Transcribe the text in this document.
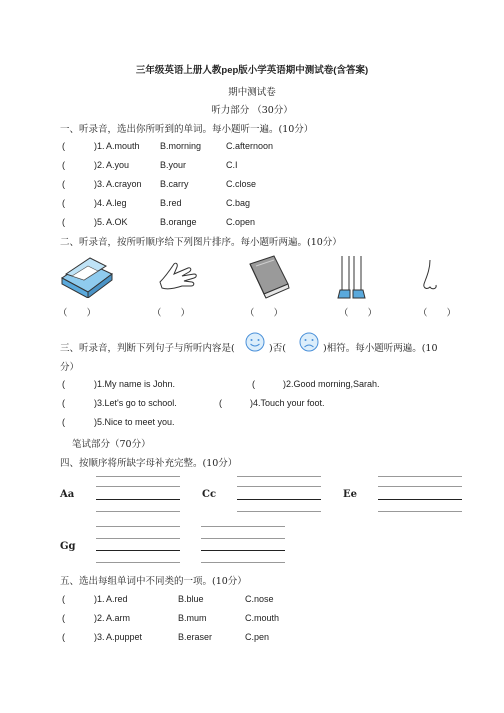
三年级英语上册人教pep版小学英语期中测试卷(含答案)
期中测试卷
听力部分 （30分）
一、听录音，选出你所听到的单词。每小题听一遍。(10分）
(	)1. A.mouth B.morning	C.afternoon
(	)2. A.you	B.your	C.I
(	)3. A.crayon B.carry	C.close
(	)4. A.leg	B.red	C.bag
(	)5. A.OK	B.orange	C.open
二、听录音，按所听顺序给下列图片排序。每小题听两遍。(10分）
（　　）	（　　）	（　　）	（　　）	（　　）
三、听录音，判断下列句子与所听内容是(	)否(	)相符。每小题听两遍。(10
分）
(	)1.My name is John.	(	)2.Good morning,Sarah.
(	)3.Let's go to school.	(	)4.Touch your foot.
(	)5.Nice to meet you.
笔试部分（70分）
四、按顺序将所缺字母补充完整。(10分）
Aa	Cc	Ee
Gg
五、选出每组单词中不同类的一项。(10分）
(	)1. A.red	B.blue	C.nose
(	)2. A.arm	B.mum	C.mouth
(	)3. A.puppet	B.eraser	C.pen
